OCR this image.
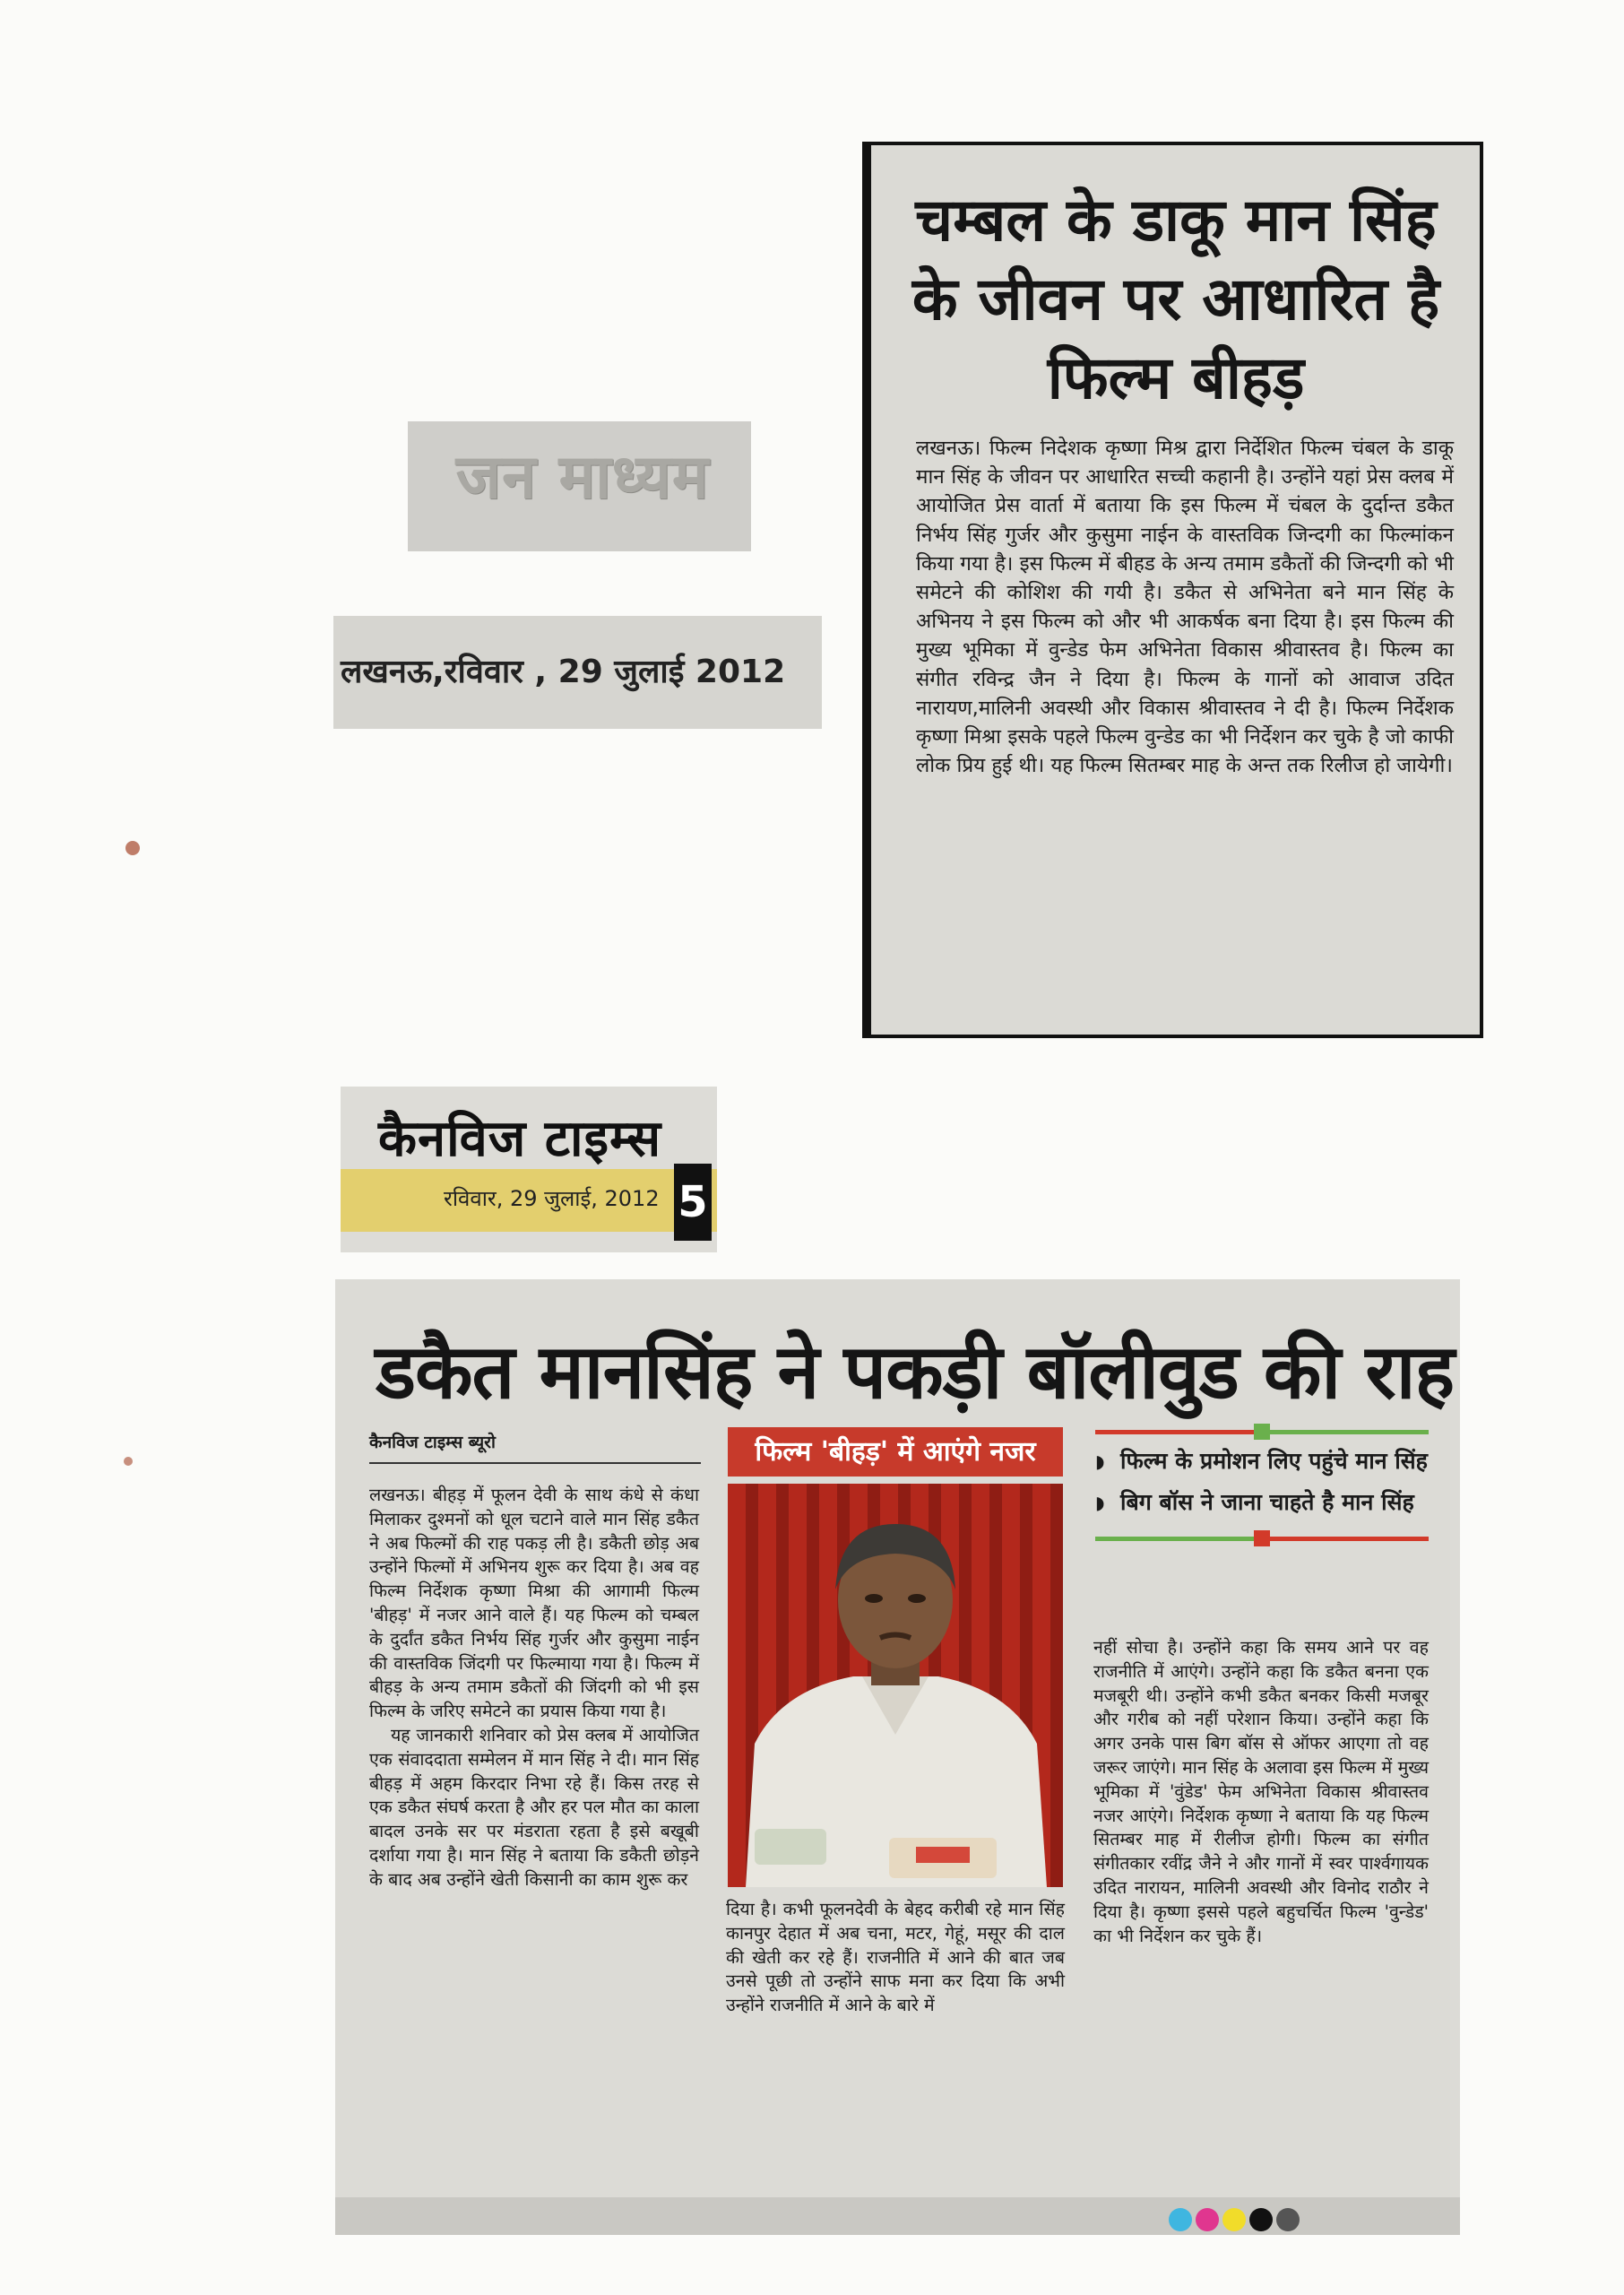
जन माध्यम
लखनऊ,रविवार , 29 जुलाई 2012
चम्बल के डाकू मान सिंह
के जीवन पर आधारित है
फिल्म बीहड़
लखनऊ। फिल्म निदेशक कृष्णा मिश्र द्वारा निर्देशित फिल्म चंबल के डाकू मान सिंह के जीवन पर आधारित सच्ची कहानी है। उन्होंने यहां प्रेस क्लब में आयोजित प्रेस वार्ता में बताया कि इस फिल्म में चंबल के दुर्दान्त डकैत निर्भय सिंह गुर्जर और कुसुमा नाईन के वास्तविक जिन्दगी का फिल्मांकन किया गया है। इस फिल्म में बीहड के अन्य तमाम डकैतों की जिन्दगी को भी समेटने की कोशिश की गयी है। डकैत से अभिनेता बने मान सिंह के अभिनय ने इस फिल्म को और भी आकर्षक बना दिया है। इस फिल्म की मुख्य भूमिका में वुन्डेड फेम अभिनेता विकास श्रीवास्तव है। फिल्म का संगीत रविन्द्र जैन ने दिया है। फिल्म के गानों को आवाज उदित नारायण,मालिनी अवस्थी और विकास श्रीवास्तव ने दी है। फिल्म निर्देशक कृष्णा मिश्रा इसके पहले फिल्म वुन्डेड का भी निर्देशन कर चुके है जो काफी लोक प्रिय हुई थी। यह फिल्म सितम्बर माह के अन्त तक रिलीज हो जायेगी।
कैनविज टाइम्स
रविवार, 29 जुलाई, 2012 5
डकैत मानसिंह ने पकड़ी बॉलीवुड की राह
कैनविज टाइम्स ब्यूरो

लखनऊ। बीहड़ में फूलन देवी के साथ कंधे से कंधा मिलाकर दुश्मनों को धूल चटाने वाले मान सिंह डकैत ने अब फिल्मों की राह पकड़ ली है। डकैती छोड़ अब उन्होंने फिल्मों में अभिनय शुरू कर दिया है। अब वह फिल्म निर्देशक कृष्णा मिश्रा की आगामी फिल्म 'बीहड़' में नजर आने वाले हैं। यह फिल्म को चम्बल के दुर्दांत डकैत निर्भय सिंह गुर्जर और कुसुमा नाईन की वास्तविक जिंदगी पर फिल्माया गया है। फिल्म में बीहड़ के अन्य तमाम डकैतों की जिंदगी को भी इस फिल्म के जरिए समेटने का प्रयास किया गया है।

यह जानकारी शनिवार को प्रेस क्लब में आयोजित एक संवाददाता सम्मेलन में मान सिंह ने दी। मान सिंह बीहड़ में अहम किरदार निभा रहे हैं। किस तरह से एक डकैत संघर्ष करता है और हर पल मौत का काला बादल उनके सर पर मंडराता रहता है इसे बखूबी दर्शाया गया है। मान सिंह ने बताया कि डकैती छोड़ने के बाद अब उन्होंने खेती किसानी का काम शुरू कर

फिल्म 'बीहड़' में आएंगे नजर
दिया है। कभी फूलनदेवी के बेहद करीबी रहे मान सिंह कानपुर देहात में अब चना, मटर, गेहूं, मसूर की दाल की खेती कर रहे हैं। राजनीति में आने की बात जब उनसे पूछी तो उन्होंने साफ मना कर दिया कि अभी उन्होंने राजनीति में आने के बारे में
◗ फिल्म के प्रमोशन लिए पहुंचे मान सिंह
◗ बिग बॉस ने जाना चाहते है मान सिंह
नहीं सोचा है। उन्होंने कहा कि समय आने पर वह राजनीति में आएंगे। उन्होंने कहा कि डकैत बनना एक मजबूरी थी। उन्होंने कभी डकैत बनकर किसी मजबूर और गरीब को नहीं परेशान किया। उन्होंने कहा कि अगर उनके पास बिग बॉस से ऑफर आएगा तो वह जरूर जाएंगे। मान सिंह के अलावा इस फिल्म में मुख्य भूमिका में 'वुंडेड' फेम अभिनेता विकास श्रीवास्तव नजर आएंगे। निर्देशक कृष्णा ने बताया कि यह फिल्म सितम्बर माह में रीलीज होगी। फिल्म का संगीत संगीतकार रवींद्र जैने ने और गानों में स्वर पार्श्वगायक उदित नारायन, मालिनी अवस्थी और विनोद राठौर ने दिया है। कृष्णा इससे पहले बहुचर्चित फिल्म 'वुन्डेड' का भी निर्देशन कर चुके हैं।
